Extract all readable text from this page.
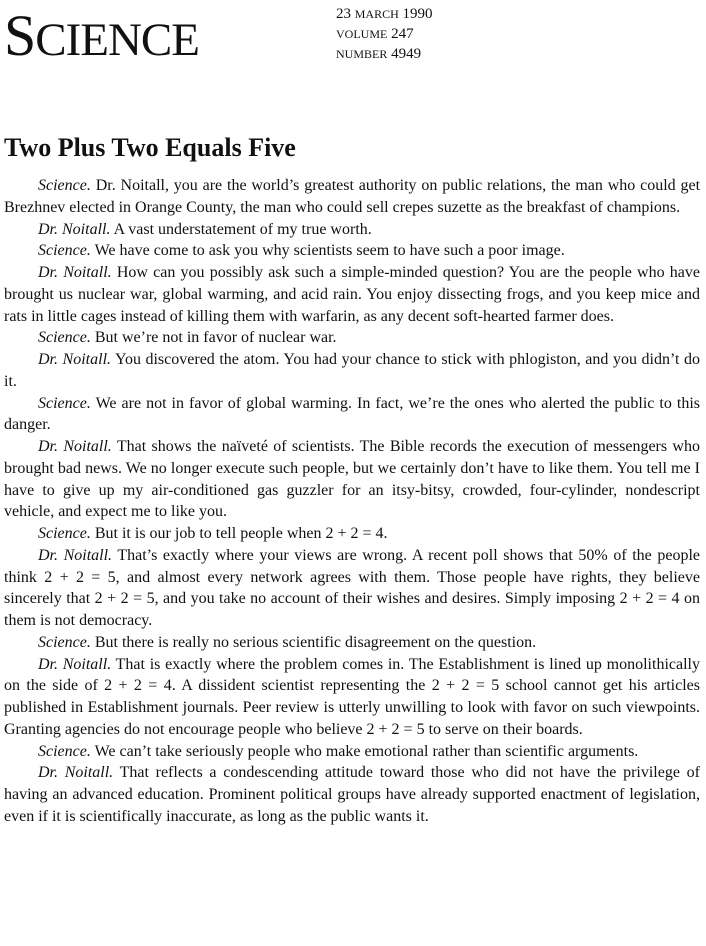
SCIENCE	23 MARCH 1990
VOLUME 247
NUMBER 4949
Two Plus Two Equals Five

Science. Dr. Noitall, you are the world’s greatest authority on public relations, the man who could get Brezhnev elected in Orange County, the man who could sell crepes suzette as the breakfast of champions.

Dr. Noitall. A vast understatement of my true worth.

Science. We have come to ask you why scientists seem to have such a poor image.

Dr. Noitall. How can you possibly ask such a simple-minded question? You are the people who have brought us nuclear war, global warming, and acid rain. You enjoy dissecting frogs, and you keep mice and rats in little cages instead of killing them with warfarin, as any decent soft-hearted farmer does.

Science. But we’re not in favor of nuclear war.

Dr. Noitall. You discovered the atom. You had your chance to stick with phlogiston, and you didn’t do it.

Science. We are not in favor of global warming. In fact, we’re the ones who alerted the public to this danger.

Dr. Noitall. That shows the naïveté of scientists. The Bible records the execution of messengers who brought bad news. We no longer execute such people, but we certainly don’t have to like them. You tell me I have to give up my air-conditioned gas guzzler for an itsy-bitsy, crowded, four-cylinder, nondescript vehicle, and expect me to like you.

Science. But it is our job to tell people when 2 + 2 = 4.

Dr. Noitall. That’s exactly where your views are wrong. A recent poll shows that 50% of the people think 2 + 2 = 5, and almost every network agrees with them. Those people have rights, they believe sincerely that 2 + 2 = 5, and you take no account of their wishes and desires. Simply imposing 2 + 2 = 4 on them is not democracy.

Science. But there is really no serious scientific disagreement on the question.

Dr. Noitall. That is exactly where the problem comes in. The Establishment is lined up monolithically on the side of 2 + 2 = 4. A dissident scientist representing the 2 + 2 = 5 school cannot get his articles published in Establishment journals. Peer review is utterly unwilling to look with favor on such viewpoints. Granting agencies do not encourage people who believe 2 + 2 = 5 to serve on their boards.

Science. We can’t take seriously people who make emotional rather than scientific arguments.

Dr. Noitall. That reflects a condescending attitude toward those who did not have the privilege of having an advanced education. Prominent political groups have already supported enactment of legislation, even if it is scientifically inaccurate, as long as the public wants it.
